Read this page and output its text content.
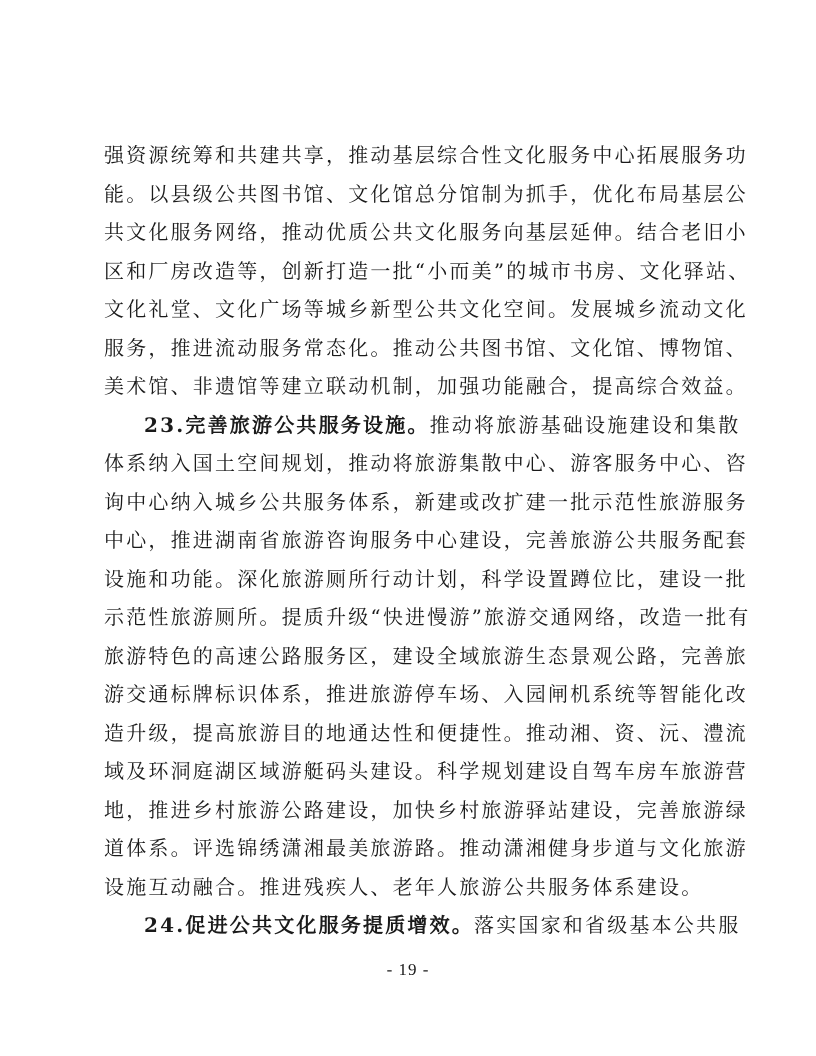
强资源统筹和共建共享，推动基层综合性文化服务中心拓展服务功
能。以县级公共图书馆、文化馆总分馆制为抓手，优化布局基层公
共文化服务网络，推动优质公共文化服务向基层延伸。结合老旧小
区和厂房改造等，创新打造一批“小而美”的城市书房、文化驿站、
文化礼堂、文化广场等城乡新型公共文化空间。发展城乡流动文化
服务，推进流动服务常态化。推动公共图书馆、文化馆、博物馆、
美术馆、非遗馆等建立联动机制，加强功能融合，提高综合效益。
23.完善旅游公共服务设施。推动将旅游基础设施建设和集散
体系纳入国土空间规划，推动将旅游集散中心、游客服务中心、咨
询中心纳入城乡公共服务体系，新建或改扩建一批示范性旅游服务
中心，推进湖南省旅游咨询服务中心建设，完善旅游公共服务配套
设施和功能。深化旅游厕所行动计划，科学设置蹲位比，建设一批
示范性旅游厕所。提质升级“快进慢游”旅游交通网络，改造一批有
旅游特色的高速公路服务区，建设全域旅游生态景观公路，完善旅
游交通标牌标识体系，推进旅游停车场、入园闸机系统等智能化改
造升级，提高旅游目的地通达性和便捷性。推动湘、资、沅、澧流
域及环洞庭湖区域游艇码头建设。科学规划建设自驾车房车旅游营
地，推进乡村旅游公路建设，加快乡村旅游驿站建设，完善旅游绿
道体系。评选锦绣潇湘最美旅游路。推动潇湘健身步道与文化旅游
设施互动融合。推进残疾人、老年人旅游公共服务体系建设。
24.促进公共文化服务提质增效。落实国家和省级基本公共服
- 19 -
